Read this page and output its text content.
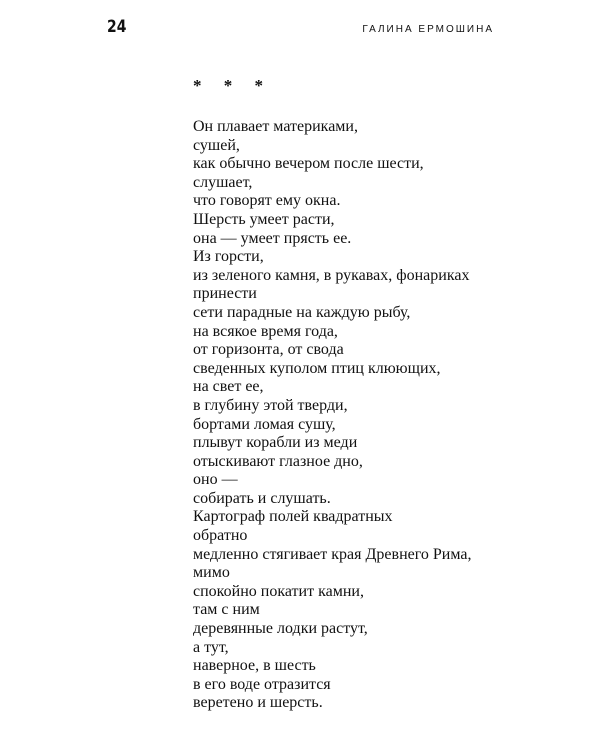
24	ГАЛИНА ЕРМОШИНА
* * *
Он плавает материками,
сушей,
как обычно вечером после шести,
слушает,
что говорят ему окна.
Шерсть умеет расти,
она — умеет прясть ее.
Из горсти,
из зеленого камня, в рукавах, фонариках
принести
сети парадные на каждую рыбу,
на всякое время года,
от горизонта, от свода
сведенных куполом птиц клюющих,
на свет ее,
в глубину этой тверди,
бортами ломая сушу,
плывут корабли из меди
отыскивают глазное дно,
оно —
собирать и слушать.
Картограф полей квадратных
обратно
медленно стягивает края Древнего Рима,
мимо
спокойно покатит камни,
там с ним
деревянные лодки растут,
а тут,
наверное, в шесть
в его воде отразится
веретено и шерсть.
